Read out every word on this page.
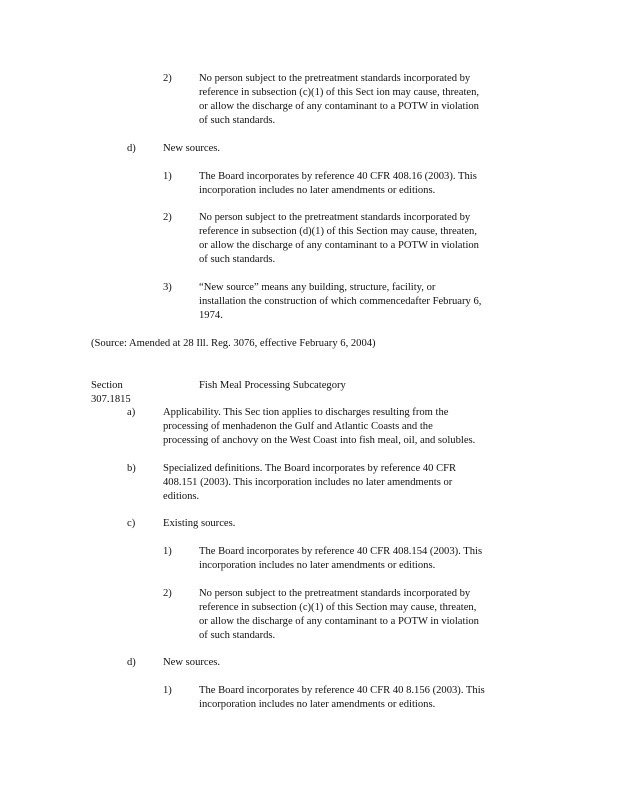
2)	No person subject to the pretreatment standards incorporated by
reference in subsection (c)(1) of this Sect ion may cause, threaten,
or allow the discharge of any contaminant to a POTW in violation
of such standards.
d)	New sources.
1)	The Board incorporates by reference 40 CFR 408.16 (2003). This
incorporation includes no later amendments or editions.
2)	No person subject to the pretreatment standards incorporated by
reference in subsection (d)(1) of this Section may cause, threaten,
or allow the discharge of any contaminant to a POTW in violation
of such standards.
3)	“New source” means any building, structure, facility, or
installation the construction of which commencedafter February 6,
1974.
(Source: Amended at 28 Ill. Reg. 3076, effective February 6, 2004)
Section 307.1815
Fish Meal Processing Subcategory
a)	Applicability. This Sec tion applies to discharges resulting from the
processing of menhadenon the Gulf and Atlantic Coasts and the
processing of anchovy on the West Coast into fish meal, oil, and solubles.
b)	Specialized definitions. The Board incorporates by reference 40 CFR
408.151 (2003). This incorporation includes no later amendments or
editions.
c)	Existing sources.
1)	The Board incorporates by reference 40 CFR 408.154 (2003). This
incorporation includes no later amendments or editions.
2)	No person subject to the pretreatment standards incorporated by
reference in subsection (c)(1) of this Section may cause, threaten,
or allow the discharge of any contaminant to a POTW in violation
of such standards.
d)	New sources.
1)	The Board incorporates by reference 40 CFR 40 8.156 (2003). This
incorporation includes no later amendments or editions.
